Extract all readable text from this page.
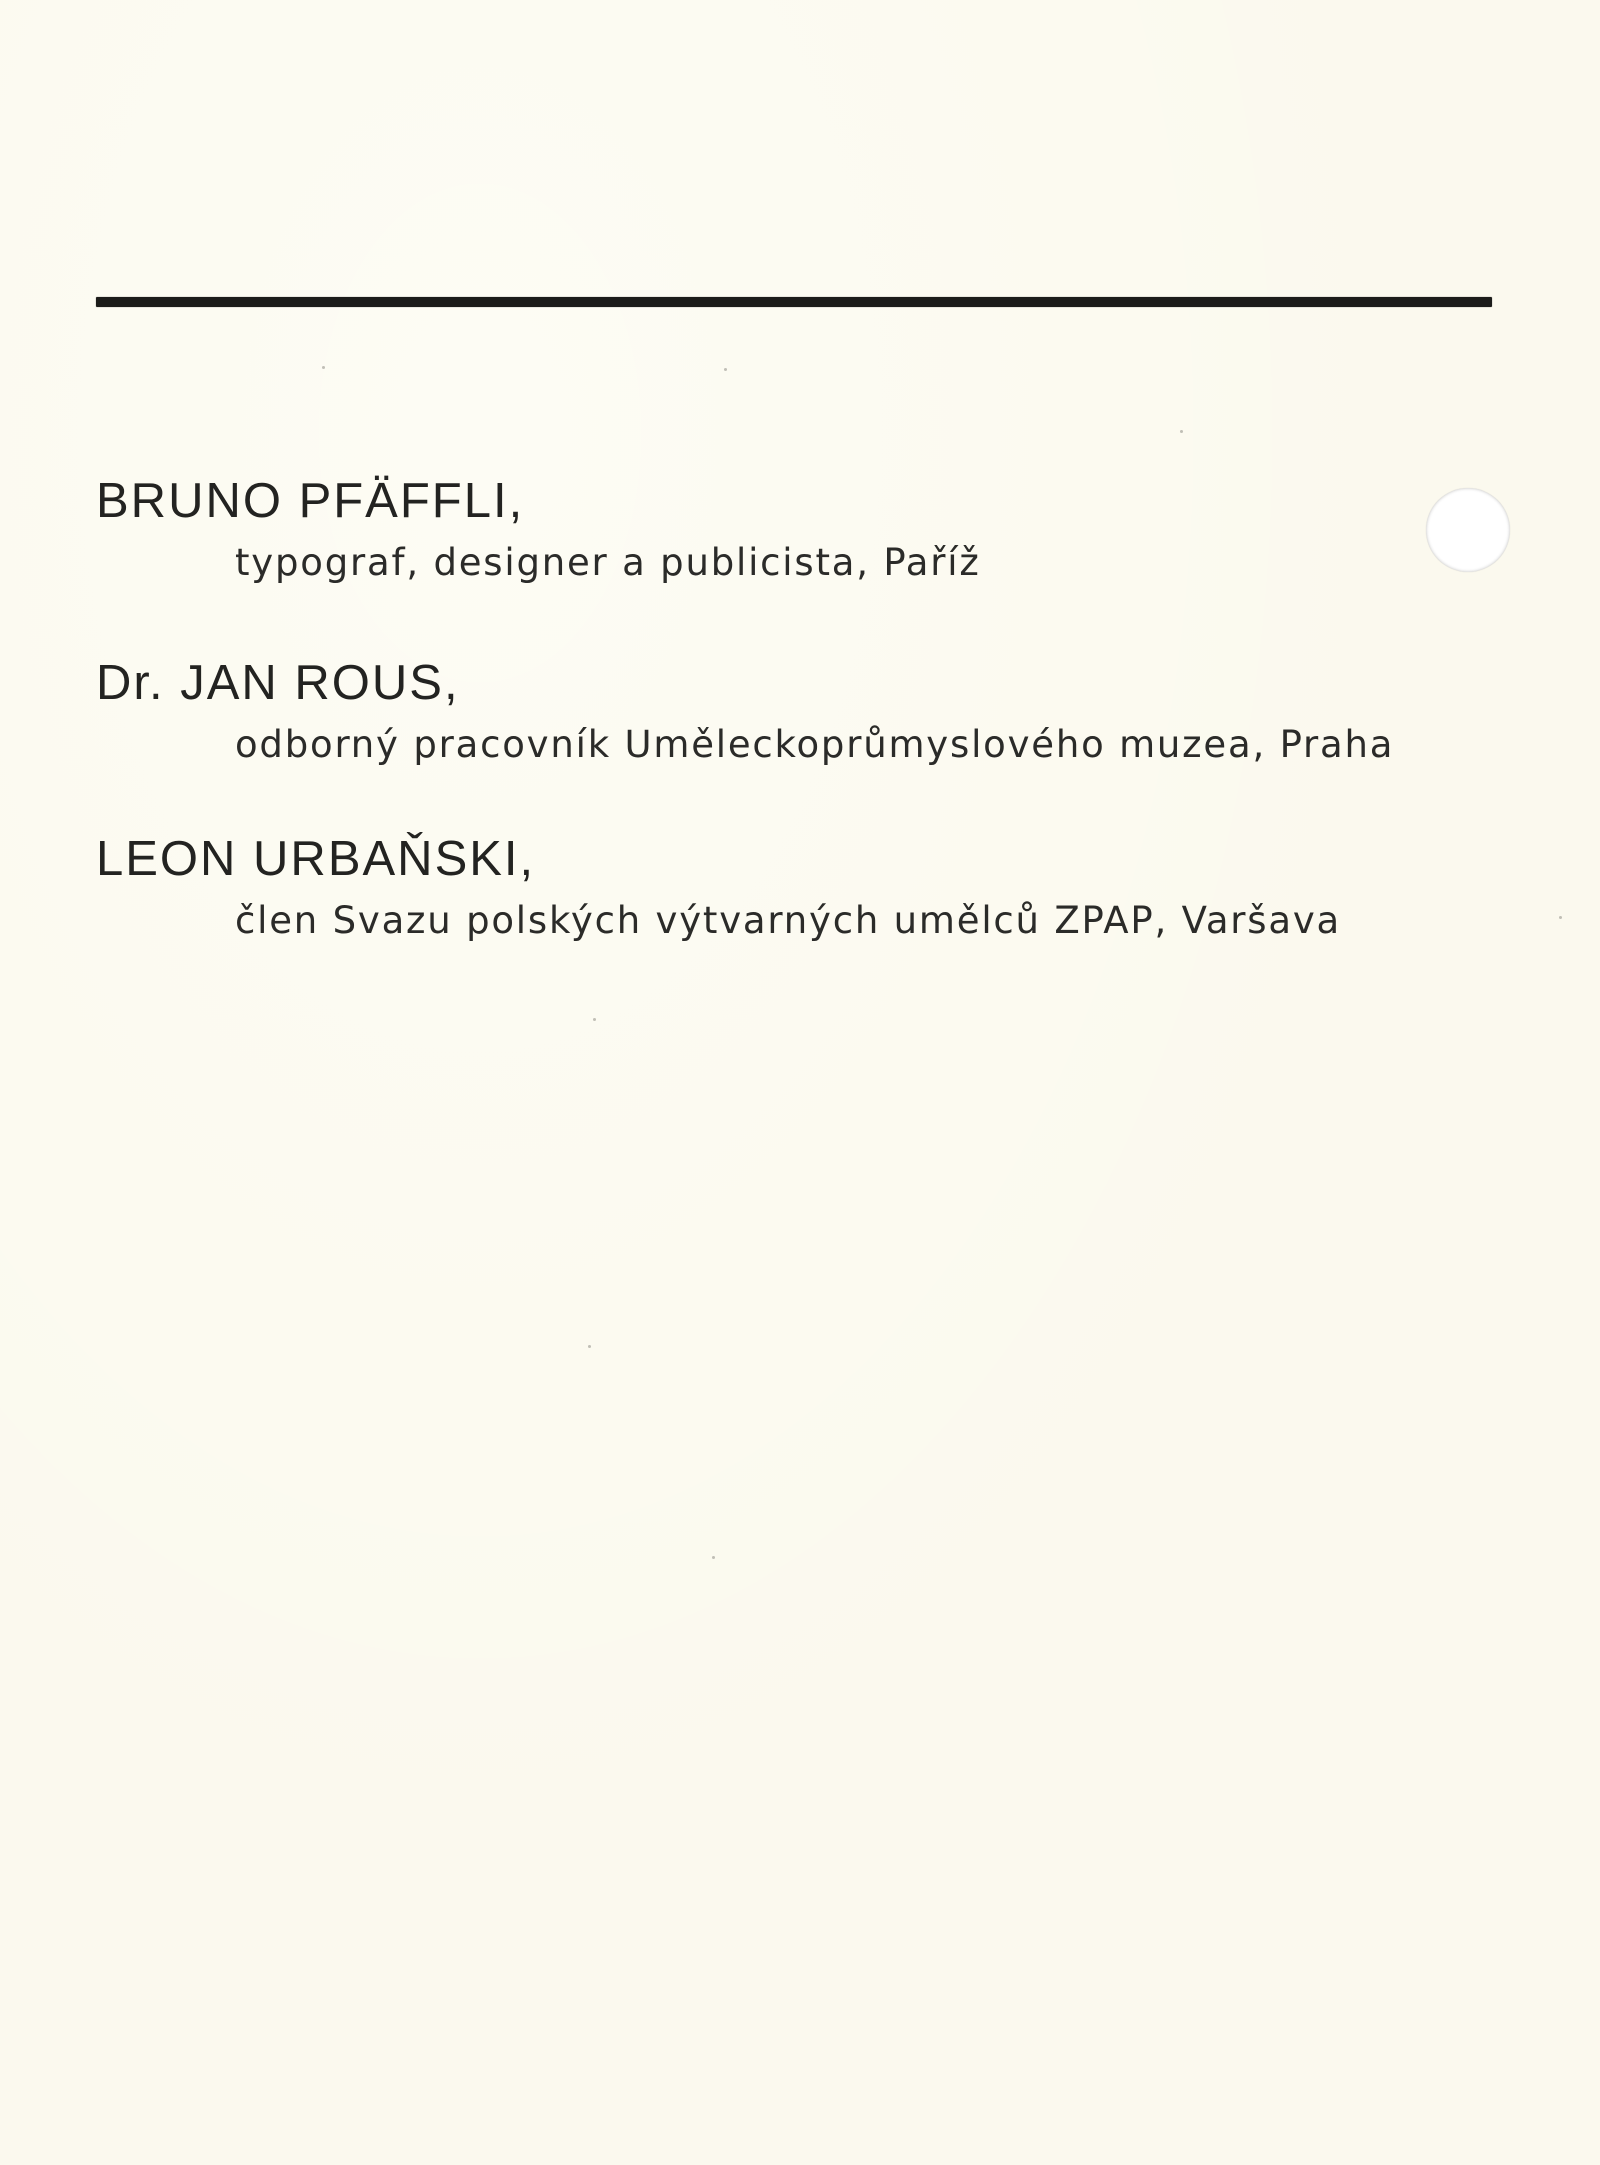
BRUNO PFÄFFLI,
typograf, designer a publicista, Paříž
Dr. JAN ROUS,
odborný pracovník Uměleckoprůmyslového muzea, Praha
LEON URBAŇSKI,
člen Svazu polských výtvarných umělců ZPAP, Varšava
